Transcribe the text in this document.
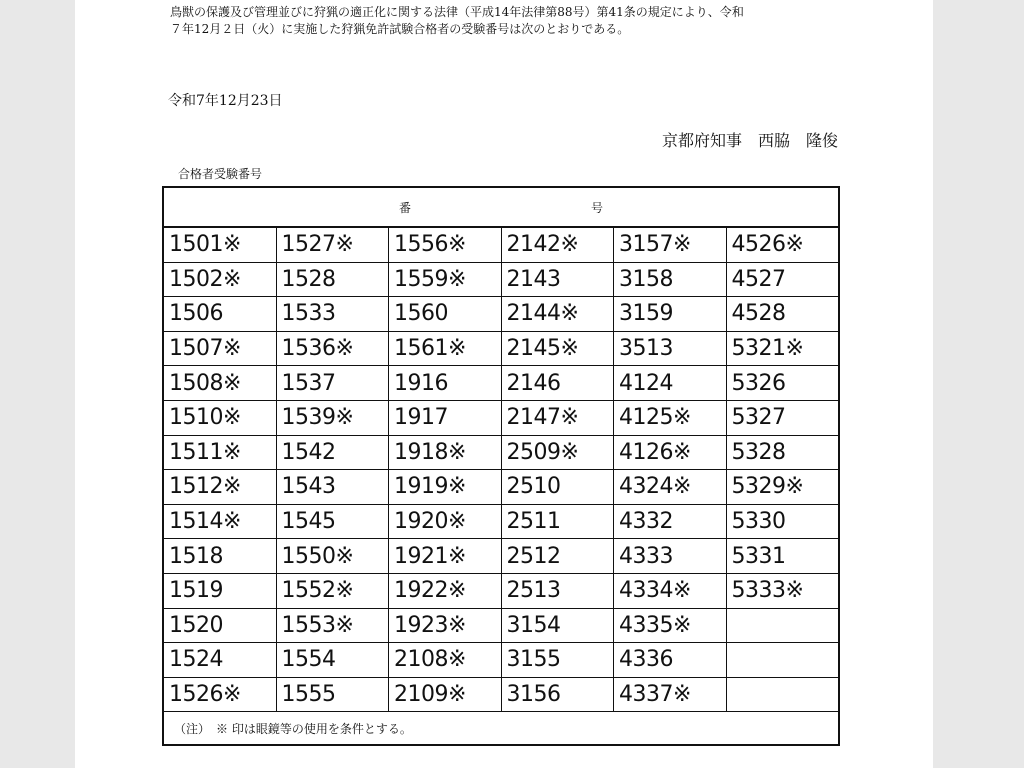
鳥獣の保護及び管理並びに狩猟の適正化に関する法律（平成14年法律第88号）第41条の規定により、令和

７年12月２日（火）に実施した狩猟免許試験合格者の受験番号は次のとおりである。

令和7年12月23日
京都府知事　西脇　隆俊
合格者受験番号
番 号					

1501※	1527※	1556※	2142※	3157※	4526※
1502※	1528	1559※	2143	3158	4527
1506	1533	1560	2144※	3159	4528
1507※	1536※	1561※	2145※	3513	5321※
1508※	1537	1916	2146	4124	5326
1510※	1539※	1917	2147※	4125※	5327
1511※	1542	1918※	2509※	4126※	5328
1512※	1543	1919※	2510	4324※	5329※
1514※	1545	1920※	2511	4332	5330
1518	1550※	1921※	2512	4333	5331
1519	1552※	1922※	2513	4334※	5333※
1520	1553※	1923※	3154	4335※	
1524	1554	2108※	3155	4336	
1526※	1555	2109※	3156	4337※	
（注）　※ 印は眼鏡等の使用を条件とする。					
